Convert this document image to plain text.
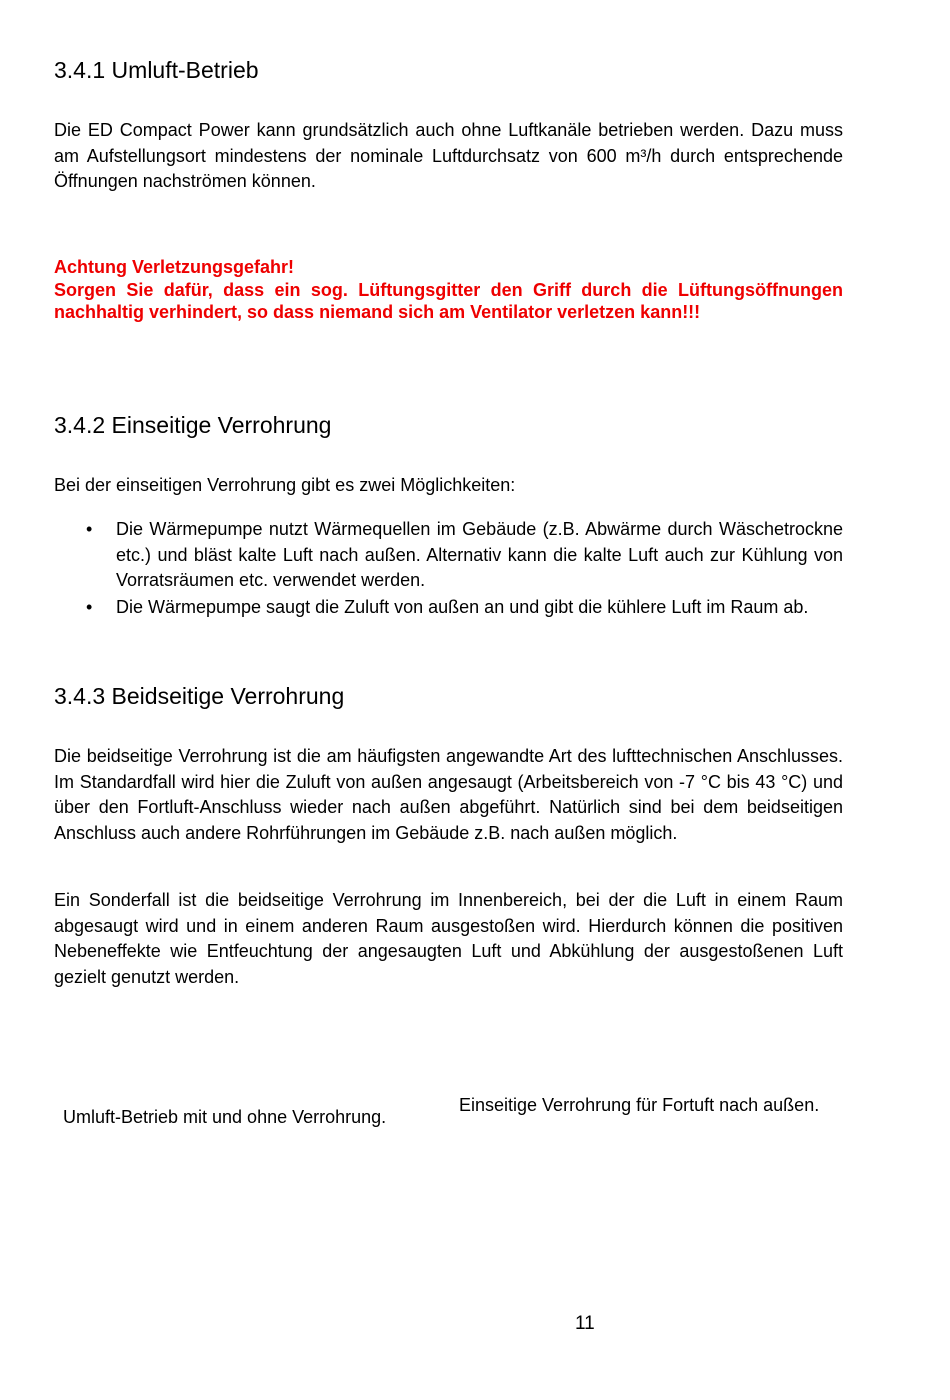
3.4.1 Umluft-Betrieb

Die ED Compact Power kann grundsätzlich auch ohne Luftkanäle betrieben werden. Dazu muss am Aufstellungsort mindestens der nominale Luftdurchsatz von 600 m³/h durch entsprechende Öffnungen nachströmen können.

Achtung Verletzungsgefahr!
Sorgen Sie dafür, dass ein sog. Lüftungsgitter den Griff durch die Lüftungsöffnungen nachhaltig verhindert, so dass niemand sich am Ventilator verletzen kann!!!
3.4.2 Einseitige Verrohrung

Bei der einseitigen Verrohrung gibt es zwei Möglichkeiten:

• Die Wärmepumpe nutzt Wärmequellen im Gebäude (z.B. Abwärme durch Wäschetrockne etc.) und bläst kalte Luft nach außen. Alternativ kann die kalte Luft auch zur Kühlung von Vorratsräumen etc. verwendet werden.
• Die Wärmepumpe saugt die Zuluft von außen an und gibt die kühlere Luft im Raum ab.
3.4.3 Beidseitige Verrohrung

Die beidseitige Verrohrung ist die am häufigsten angewandte Art des lufttechnischen Anschlusses. Im Standardfall wird hier die Zuluft von außen angesaugt (Arbeitsbereich von -7 °C bis 43 °C) und über den Fortluft-Anschluss wieder nach außen abgeführt. Natürlich sind bei dem beidseitigen Anschluss auch andere Rohrführungen im Gebäude z.B. nach außen möglich.

Ein Sonderfall ist die beidseitige Verrohrung im Innenbereich, bei der die Luft in einem Raum abgesaugt wird und in einem anderen Raum ausgestoßen wird. Hierdurch können die positiven Nebeneffekte wie Entfeuchtung der angesaugten Luft und Abkühlung der ausgestoßenen Luft gezielt genutzt werden.

Umluft-Betrieb mit und ohne Verrohrung.

Einseitige Verrohrung für Fortuft nach außen.

11
